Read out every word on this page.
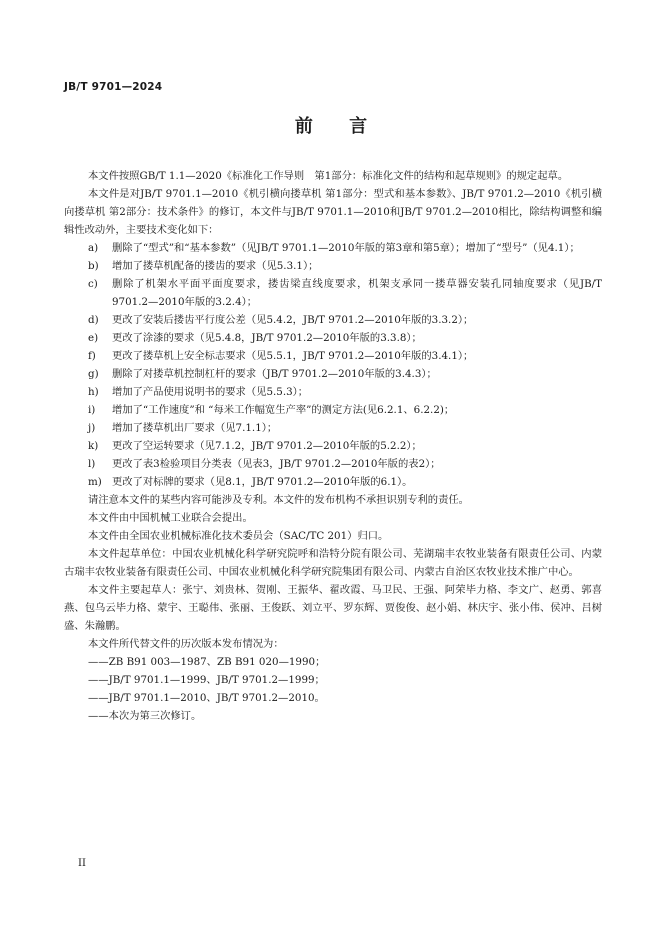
JB/T 9701—2024
前 言

本文件按照GB/T 1.1—2020《标准化工作导则　第1部分：标准化文件的结构和起草规则》的规定起草。

本文件是对JB/T 9701.1—2010《机引横向搂草机 第1部分：型式和基本参数》、JB/T 9701.2—2010《机引横向搂草机 第2部分：技术条件》的修订，本文件与JB/T 9701.1—2010和JB/T 9701.2—2010相比，除结构调整和编辑性改动外，主要技术变化如下：

a)	删除了“型式”和“基本参数”（见JB/T 9701.1—2010年版的第3章和第5章）；增加了“型号”（见4.1）；
b)	增加了搂草机配备的搂齿的要求（见5.3.1）；
c)	删除了机架水平面平面度要求，搂齿梁直线度要求，机架支承同一搂草器安装孔同轴度要求（见JB/T 9701.2—2010年版的3.2.4）；
d)	更改了安装后搂齿平行度公差（见5.4.2，JB/T 9701.2—2010年版的3.3.2）；
e)	更改了涂漆的要求（见5.4.8，JB/T 9701.2—2010年版的3.3.8）；
f)	更改了搂草机上安全标志要求（见5.5.1，JB/T 9701.2—2010年版的3.4.1）；
g)	删除了对搂草机控制杠杆的要求（JB/T 9701.2—2010年版的3.4.3）；
h)	增加了产品使用说明书的要求（见5.5.3）；
i)	增加了“工作速度”和 “每米工作幅宽生产率”的测定方法(见6.2.1、6.2.2)；
j)	增加了搂草机出厂要求（见7.1.1）；
k)	更改了空运转要求（见7.1.2，JB/T 9701.2—2010年版的5.2.2）；
l)	更改了表3检验项目分类表（见表3，JB/T 9701.2—2010年版的表2）；
m) 更改了对标牌的要求（见8.1，JB/T 9701.2—2010年版的6.1）。

请注意本文件的某些内容可能涉及专利。本文件的发布机构不承担识别专利的责任。

本文件由中国机械工业联合会提出。

本文件由全国农业机械标准化技术委员会（SAC/TC 201）归口。

本文件起草单位：中国农业机械化科学研究院呼和浩特分院有限公司、芜湖瑞丰农牧业装备有限责任公司、内蒙古瑞丰农牧业装备有限责任公司、中国农业机械化科学研究院集团有限公司、内蒙古自治区农牧业技术推广中心。

本文件主要起草人：张宁、刘贵林、贺刚、王振华、翟改霞、马卫民、王强、阿荣毕力格、李文广、赵勇、郭喜燕、包乌云毕力格、蒙宇、王聪伟、张丽、王俊跃、刘立平、罗东辉、贾俊俊、赵小娟、林庆宇、张小伟、侯冲、吕树盛、朱瀚鹏。

本文件所代替文件的历次版本发布情况为：

——ZB B91 003—1987、ZB B91 020—1990；

——JB/T 9701.1—1999、JB/T 9701.2—1999；

——JB/T 9701.1—2010、JB/T 9701.2—2010。

——本次为第三次修订。

II
